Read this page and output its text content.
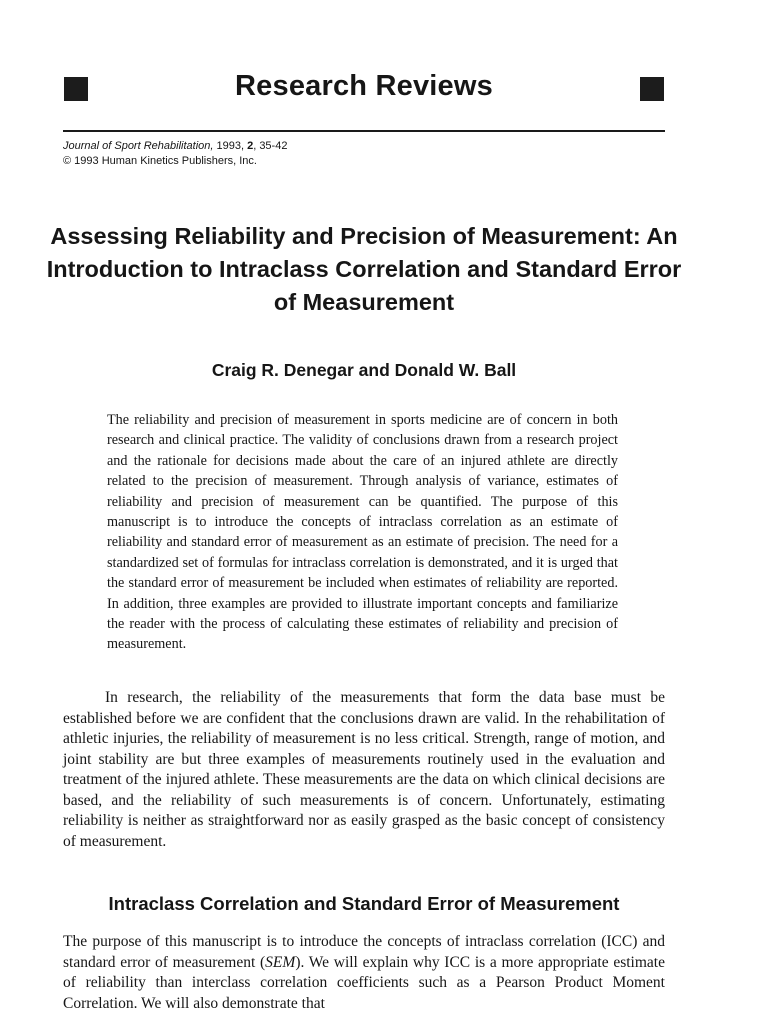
Research Reviews
Journal of Sport Rehabilitation, 1993, 2, 35-42
© 1993 Human Kinetics Publishers, Inc.
Assessing Reliability and Precision of Measurement: An Introduction to Intraclass Correlation and Standard Error of Measurement
Craig R. Denegar and Donald W. Ball

The reliability and precision of measurement in sports medicine are of concern in both research and clinical practice. The validity of conclusions drawn from a research project and the rationale for decisions made about the care of an injured athlete are directly related to the precision of measurement. Through analysis of variance, estimates of reliability and precision of measurement can be quantified. The purpose of this manuscript is to introduce the concepts of intraclass correlation as an estimate of reliability and standard error of measurement as an estimate of precision. The need for a standardized set of formulas for intraclass correlation is demonstrated, and it is urged that the standard error of measurement be included when estimates of reliability are reported. In addition, three examples are provided to illustrate important concepts and familiarize the reader with the process of calculating these estimates of reliability and precision of measurement.

In research, the reliability of the measurements that form the data base must be established before we are confident that the conclusions drawn are valid. In the rehabilitation of athletic injuries, the reliability of measurement is no less critical. Strength, range of motion, and joint stability are but three examples of measurements routinely used in the evaluation and treatment of the injured athlete. These measurements are the data on which clinical decisions are based, and the reliability of such measurements is of concern. Unfortunately, estimating reliability is neither as straightforward nor as easily grasped as the basic concept of consistency of measurement.

Intraclass Correlation and Standard Error of Measurement

The purpose of this manuscript is to introduce the concepts of intraclass correlation (ICC) and standard error of measurement (SEM). We will explain why ICC is a more appropriate estimate of reliability than interclass correlation coefficients such as a Pearson Product Moment Correlation. We will also demonstrate that
